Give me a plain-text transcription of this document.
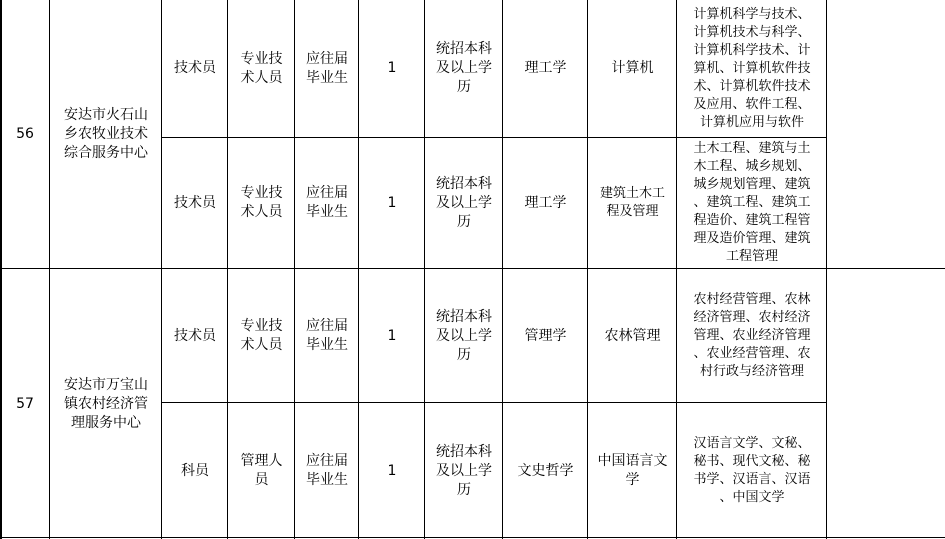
56
安达市火石山
乡农牧业技术
综合服务中心
技术员
专业技
术人员
应往届
毕业生
1
统招本科
及以上学
历
理工学	计算机
计算机科学与技术、
计算机技术与科学、
计算机科学技术、计
算机、计算机软件技
术、计算机软件技术
及应用、软件工程、
计算机应用与软件
技术员
专业技
术人员
应往届
毕业生
1
统招本科
及以上学
历
理工学
建筑土木工
程及管理
土木工程、建筑与土
木工程、城乡规划、
城乡规划管理、建筑
、建筑工程、建筑工
程造价、建筑工程管
理及造价管理、建筑
工程管理
57
安达市万宝山
镇农村经济管
理服务中心
技术员
专业技
术人员
应往届
毕业生
1
统招本科
及以上学
历
管理学	农林管理
农村经营管理、农林
经济管理、农村经济
管理、农业经济管理
、农业经营管理、农
村行政与经济管理
科员
管理人
员
应往届
毕业生
1
统招本科
及以上学
历
文史哲学
中国语言文
学
汉语言文学、文秘、
秘书、现代文秘、秘
书学、汉语言、汉语
、中国文学
